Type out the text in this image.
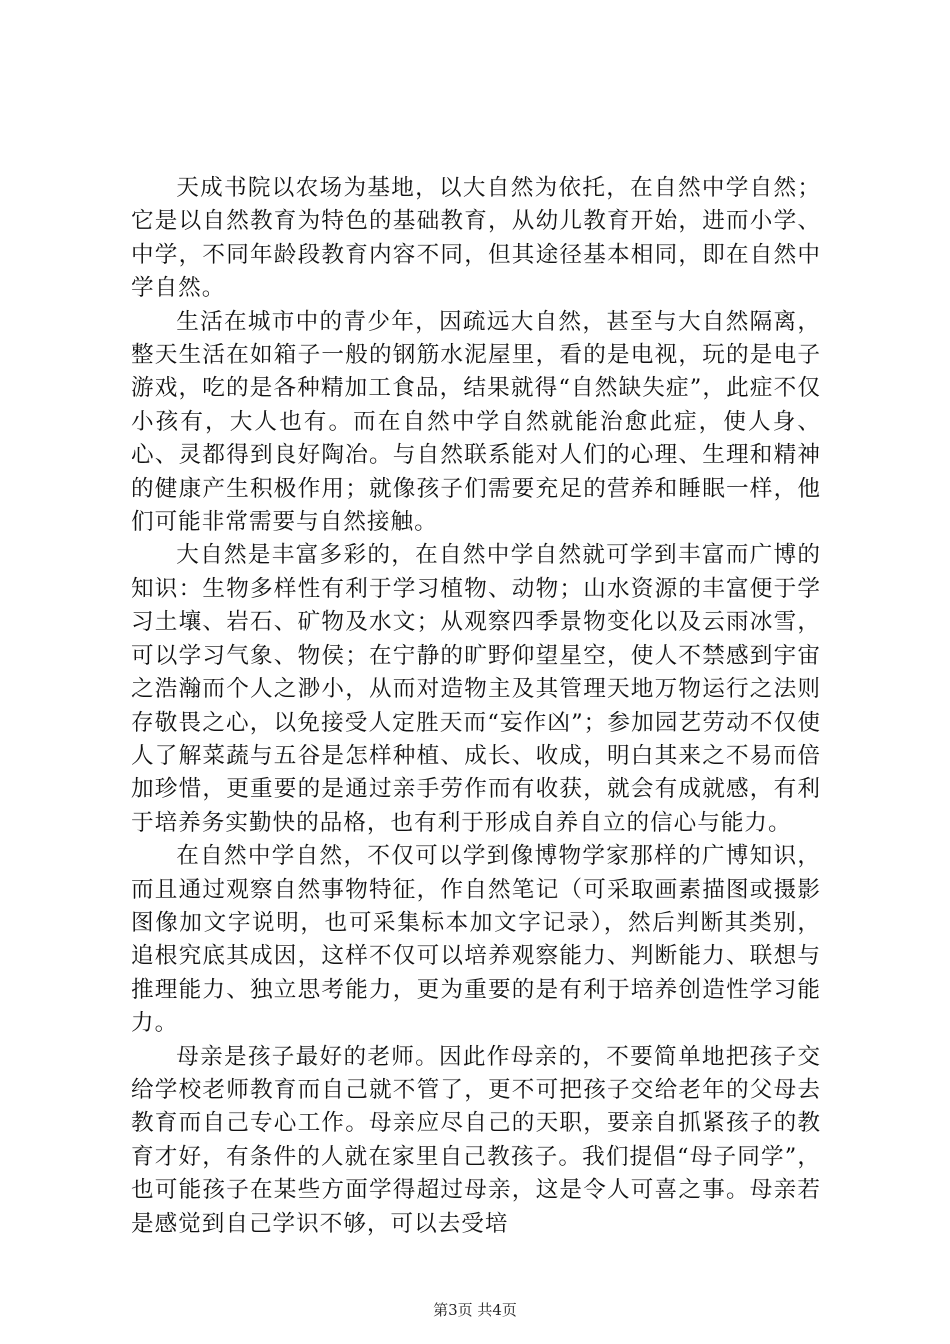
天成书院以农场为基地，以大自然为依托，在自然中学自然；它是以自然教育为特色的基础教育，从幼儿教育开始，进而小学、中学，不同年龄段教育内容不同，但其途径基本相同，即在自然中学自然。

生活在城市中的青少年，因疏远大自然，甚至与大自然隔离，整天生活在如箱子一般的钢筋水泥屋里，看的是电视，玩的是电子游戏，吃的是各种精加工食品，结果就得“自然缺失症”，此症不仅小孩有，大人也有。而在自然中学自然就能治愈此症，使人身、心、灵都得到良好陶冶。与自然联系能对人们的心理、生理和精神的健康产生积极作用；就像孩子们需要充足的营养和睡眠一样，他们可能非常需要与自然接触。

大自然是丰富多彩的，在自然中学自然就可学到丰富而广博的知识：生物多样性有利于学习植物、动物；山水资源的丰富便于学习土壤、岩石、矿物及水文；从观察四季景物变化以及云雨冰雪，可以学习气象、物侯；在宁静的旷野仰望星空，使人不禁感到宇宙之浩瀚而个人之渺小，从而对造物主及其管理天地万物运行之法则存敬畏之心，以免接受人定胜天而“妄作凶”；参加园艺劳动不仅使人了解菜蔬与五谷是怎样种植、成长、收成，明白其来之不易而倍加珍惜，更重要的是通过亲手劳作而有收获，就会有成就感，有利于培养务实勤快的品格，也有利于形成自养自立的信心与能力。

在自然中学自然，不仅可以学到像博物学家那样的广博知识，而且通过观察自然事物特征，作自然笔记（可采取画素描图或摄影图像加文字说明，也可采集标本加文字记录），然后判断其类别，追根究底其成因，这样不仅可以培养观察能力、判断能力、联想与推理能力、独立思考能力，更为重要的是有利于培养创造性学习能力。

母亲是孩子最好的老师。因此作母亲的，不要简单地把孩子交给学校老师教育而自己就不管了，更不可把孩子交给老年的父母去教育而自己专心工作。母亲应尽自己的天职，要亲自抓紧孩子的教育才好，有条件的人就在家里自己教孩子。我们提倡“母子同学”，也可能孩子在某些方面学得超过母亲，这是令人可喜之事。母亲若是感觉到自己学识不够，可以去受培

第3页 共4页
